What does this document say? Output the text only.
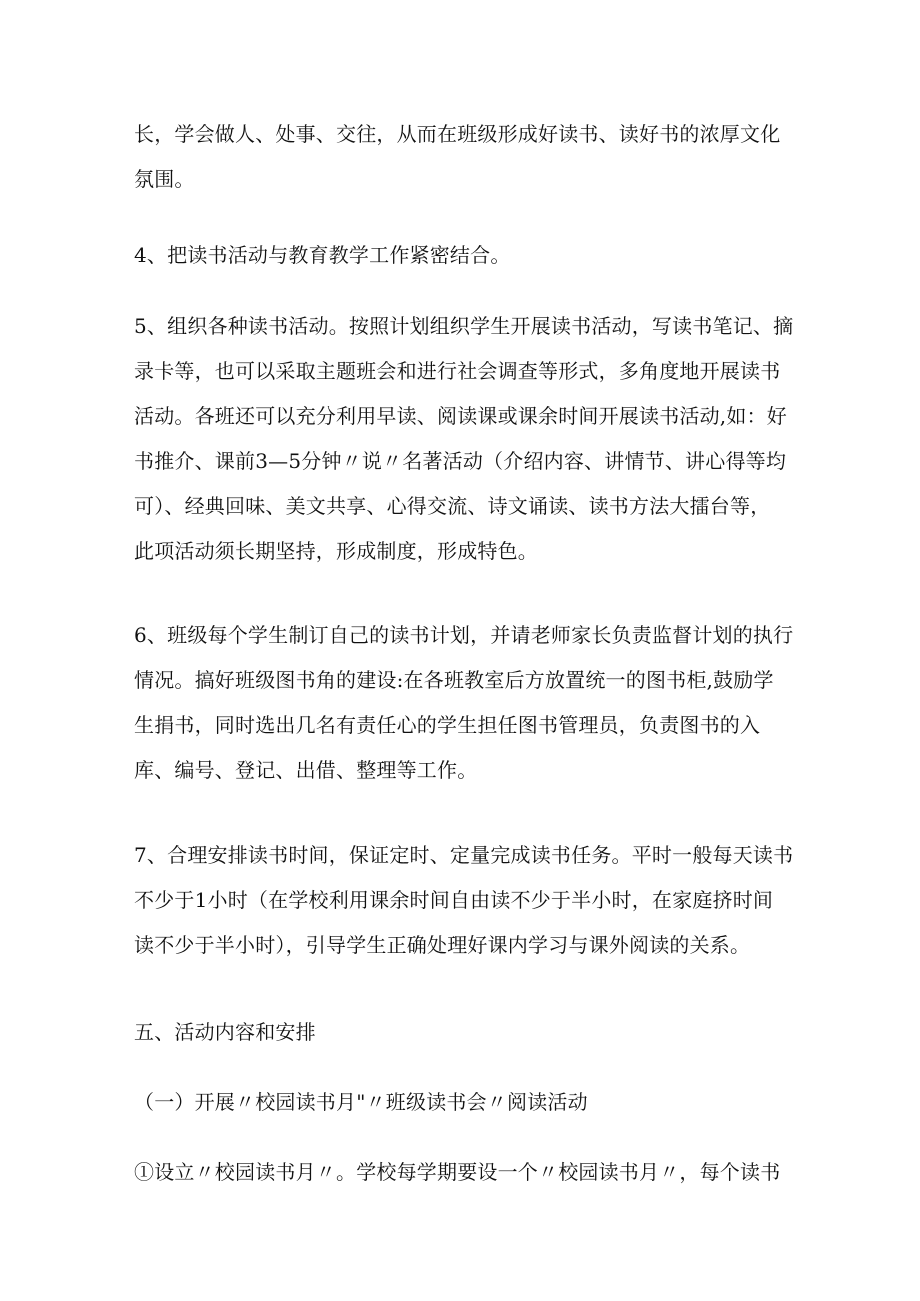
长，学会做人、处事、交往，从而在班级形成好读书、读好书的浓厚文化
氛围。
4、把读书活动与教育教学工作紧密结合。
5、组织各种读书活动。按照计划组织学生开展读书活动，写读书笔记、摘
录卡等，也可以采取主题班会和进行社会调查等形式，多角度地开展读书
活动。各班还可以充分利用早读、阅读课或课余时间开展读书活动,如：好
书推介、课前3—5分钟〃说〃名著活动（介绍内容、讲情节、讲心得等均
可）、经典回味、美文共享、心得交流、诗文诵读、读书方法大擂台等，
此项活动须长期坚持，形成制度，形成特色。
6、班级每个学生制订自己的读书计划，并请老师家长负责监督计划的执行
情况。搞好班级图书角的建设:在各班教室后方放置统一的图书柜,鼓励学
生捐书，同时选出几名有责任心的学生担任图书管理员，负责图书的入
库、编号、登记、出借、整理等工作。
7、合理安排读书时间，保证定时、定量完成读书任务。平时一般每天读书
不少于1小时（在学校利用课余时间自由读不少于半小时，在家庭挤时间
读不少于半小时），引导学生正确处理好课内学习与课外阅读的关系。
五、活动内容和安排
（一）开展〃校园读书月"〃班级读书会〃阅读活动
①设立〃校园读书月〃。学校每学期要设一个〃校园读书月〃，每个读书
